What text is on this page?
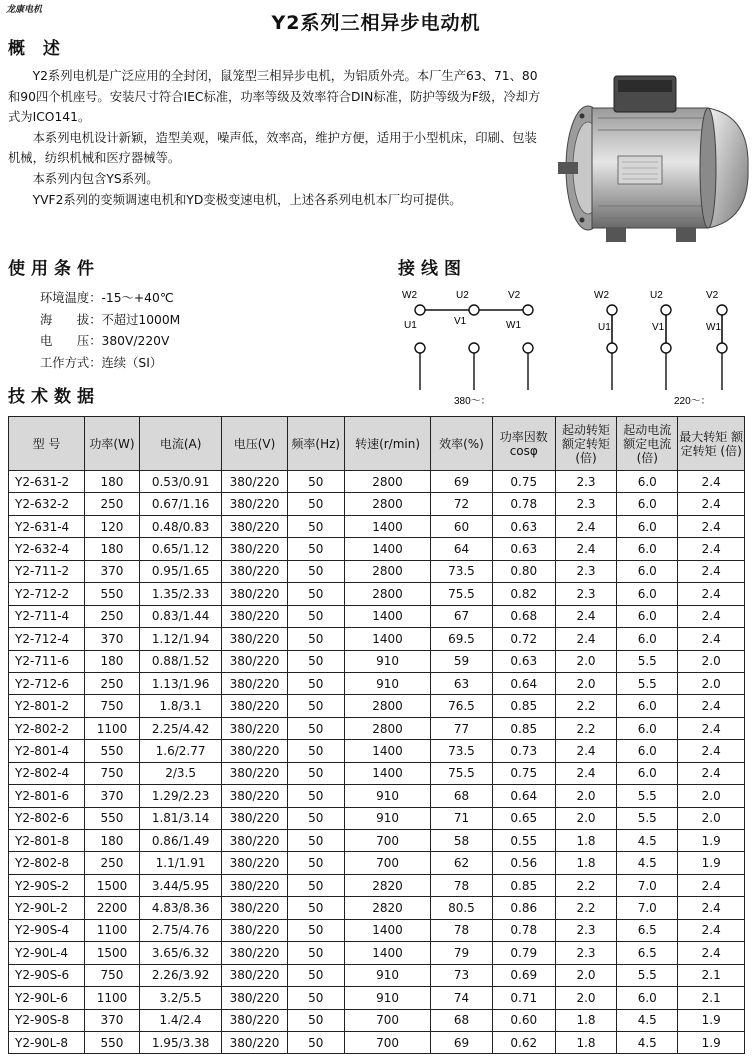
龙康电机
Y2系列三相异步电动机
概 述

Y2系列电机是广泛应用的全封闭，鼠笼型三相异步电机，为铝质外壳。本厂生产63、71、80和90四个机座号。安装尺寸符合IEC标准，功率等级及效率符合DIN标准，防护等级为F级，冷却方式为ICO141。

本系列电机设计新颖，造型美观，噪声低，效率高，维护方便，适用于小型机床，印刷、包装机械，纺织机械和医疗器械等。

本系列内包含YS系列。

YVF2系列的变频调速电机和YD变极变速电机，上述各系列电机本厂均可提供。

使用条件
环境温度：-15～+40℃
海　　拔：不超过1000M
电　　压：380V/220V
工作方式：连续（SI）
接线图
W2	U2	V2
U1	V1	W1
380～：
W2	U2	V2
U1	V1	W1
220～：
技术数据
型 号	功率(W)	电流(A)	电压(V)	频率(Hz)	转速(r/min)	效率(%)	功率因数 cosφ	起动转矩 额定转矩 (倍)	起动电流 额定电流 (倍)	最大转矩 额定转矩 (倍)
Y2-631-2	180	0.53/0.91	380/220	50	2800	69	0.75	2.3	6.0	2.4
Y2-632-2	250	0.67/1.16	380/220	50	2800	72	0.78	2.3	6.0	2.4
Y2-631-4	120	0.48/0.83	380/220	50	1400	60	0.63	2.4	6.0	2.4
Y2-632-4	180	0.65/1.12	380/220	50	1400	64	0.63	2.4	6.0	2.4
Y2-711-2	370	0.95/1.65	380/220	50	2800	73.5	0.80	2.3	6.0	2.4
Y2-712-2	550	1.35/2.33	380/220	50	2800	75.5	0.82	2.3	6.0	2.4
Y2-711-4	250	0.83/1.44	380/220	50	1400	67	0.68	2.4	6.0	2.4
Y2-712-4	370	1.12/1.94	380/220	50	1400	69.5	0.72	2.4	6.0	2.4
Y2-711-6	180	0.88/1.52	380/220	50	910	59	0.63	2.0	5.5	2.0
Y2-712-6	250	1.13/1.96	380/220	50	910	63	0.64	2.0	5.5	2.0
Y2-801-2	750	1.8/3.1	380/220	50	2800	76.5	0.85	2.2	6.0	2.4
Y2-802-2	1100	2.25/4.42	380/220	50	2800	77	0.85	2.2	6.0	2.4
Y2-801-4	550	1.6/2.77	380/220	50	1400	73.5	0.73	2.4	6.0	2.4
Y2-802-4	750	2/3.5	380/220	50	1400	75.5	0.75	2.4	6.0	2.4
Y2-801-6	370	1.29/2.23	380/220	50	910	68	0.64	2.0	5.5	2.0
Y2-802-6	550	1.81/3.14	380/220	50	910	71	0.65	2.0	5.5	2.0
Y2-801-8	180	0.86/1.49	380/220	50	700	58	0.55	1.8	4.5	1.9
Y2-802-8	250	1.1/1.91	380/220	50	700	62	0.56	1.8	4.5	1.9
Y2-90S-2	1500	3.44/5.95	380/220	50	2820	78	0.85	2.2	7.0	2.4
Y2-90L-2	2200	4.83/8.36	380/220	50	2820	80.5	0.86	2.2	7.0	2.4
Y2-90S-4	1100	2.75/4.76	380/220	50	1400	78	0.78	2.3	6.5	2.4
Y2-90L-4	1500	3.65/6.32	380/220	50	1400	79	0.79	2.3	6.5	2.4
Y2-90S-6	750	2.26/3.92	380/220	50	910	73	0.69	2.0	5.5	2.1
Y2-90L-6	1100	3.2/5.5	380/220	50	910	74	0.71	2.0	6.0	2.1
Y2-90S-8	370	1.4/2.4	380/220	50	700	68	0.60	1.8	4.5	1.9
Y2-90L-8	550	1.95/3.38	380/220	50	700	69	0.62	1.8	4.5	1.9
